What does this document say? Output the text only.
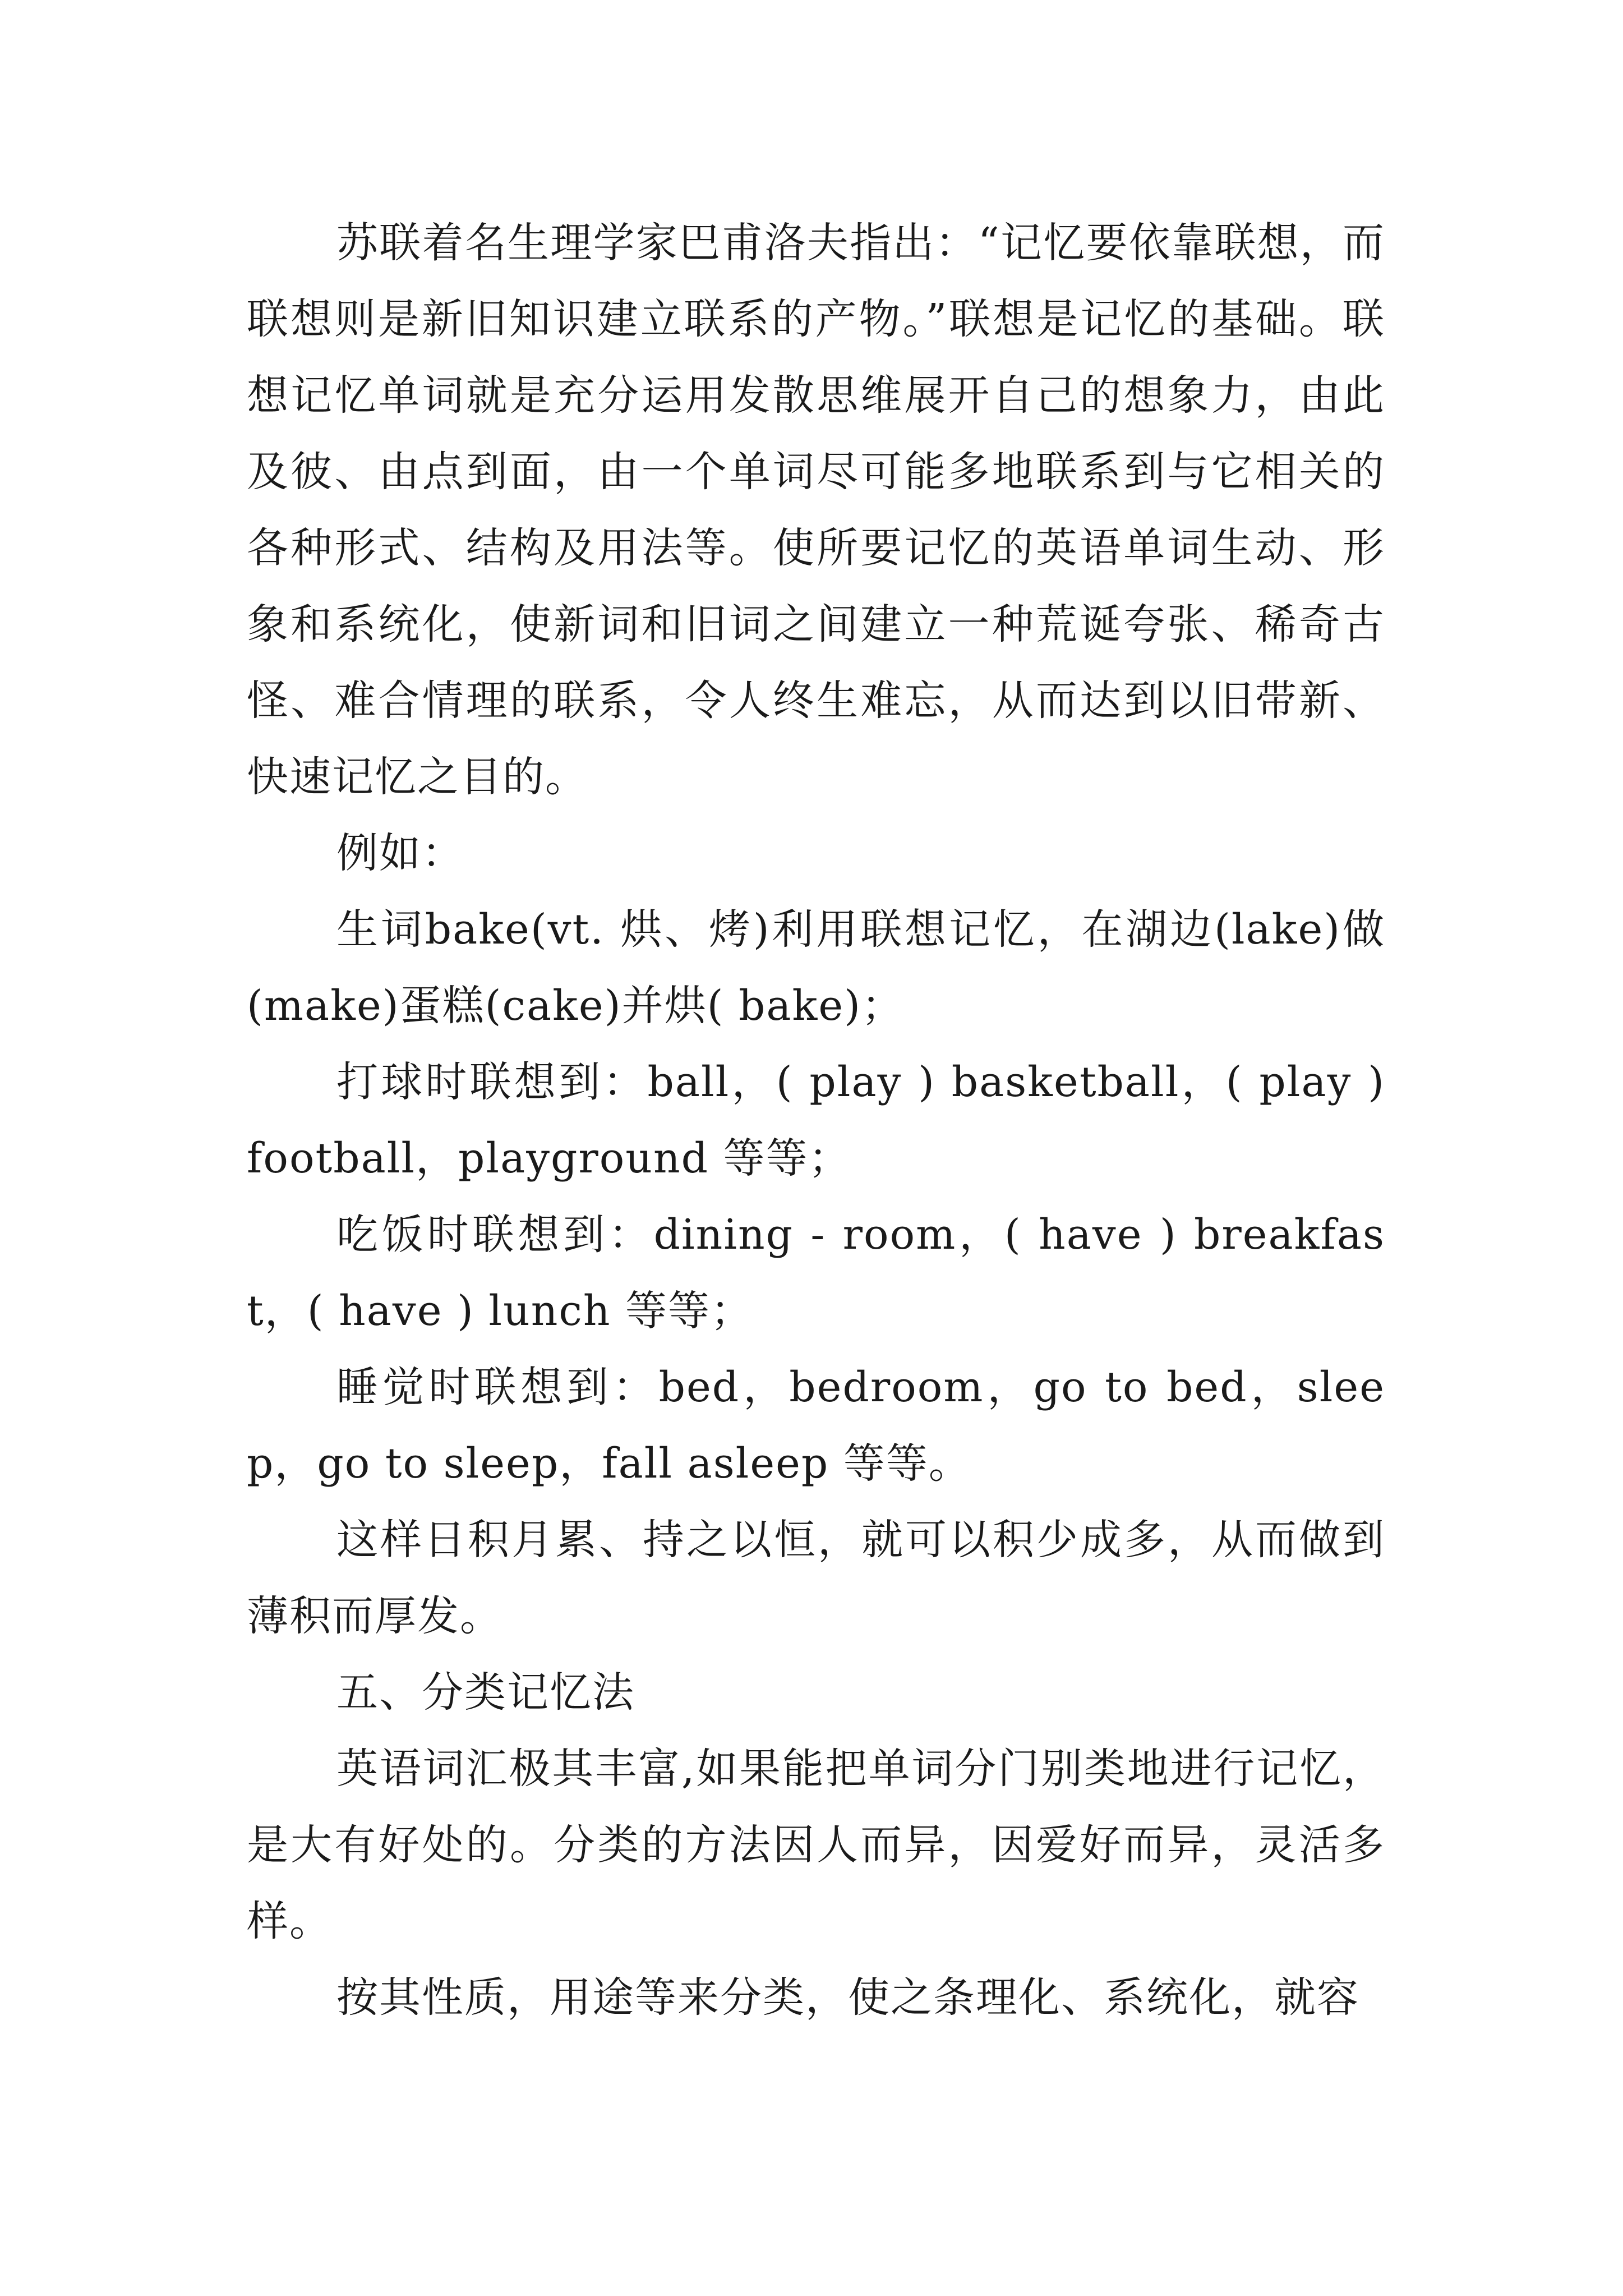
苏联着名生理学家巴甫洛夫指出：“记忆要依靠联想，而联想则是新旧知识建立联系的产物。”联想是记忆的基础。联想记忆单词就是充分运用发散思维展开自己的想象力，由此及彼、由点到面，由一个单词尽可能多地联系到与它相关的各种形式、结构及用法等。使所要记忆的英语单词生动、形象和系统化，使新词和旧词之间建立一种荒诞夸张、稀奇古怪、难合情理的联系，令人终生难忘，从而达到以旧带新、快速记忆之目的。

例如：

生词bake(vt. 烘、烤)利用联想记忆，在湖边(lake)做(make)蛋糕(cake)并烘( bake)；

打球时联想到：ball，( play ) basketball，( play ) football，playground 等等；

吃饭时联想到：dining - room，( have ) breakfast，( have ) lunch 等等；

睡觉时联想到：bed，bedroom，go to bed，sleep，go to sleep，fall asleep 等等。

这样日积月累、持之以恒，就可以积少成多，从而做到薄积而厚发。

五、分类记忆法

英语词汇极其丰富,如果能把单词分门别类地进行记忆，是大有好处的。分类的方法因人而异，因爱好而异，灵活多样。

按其性质，用途等来分类，使之条理化、系统化，就容
